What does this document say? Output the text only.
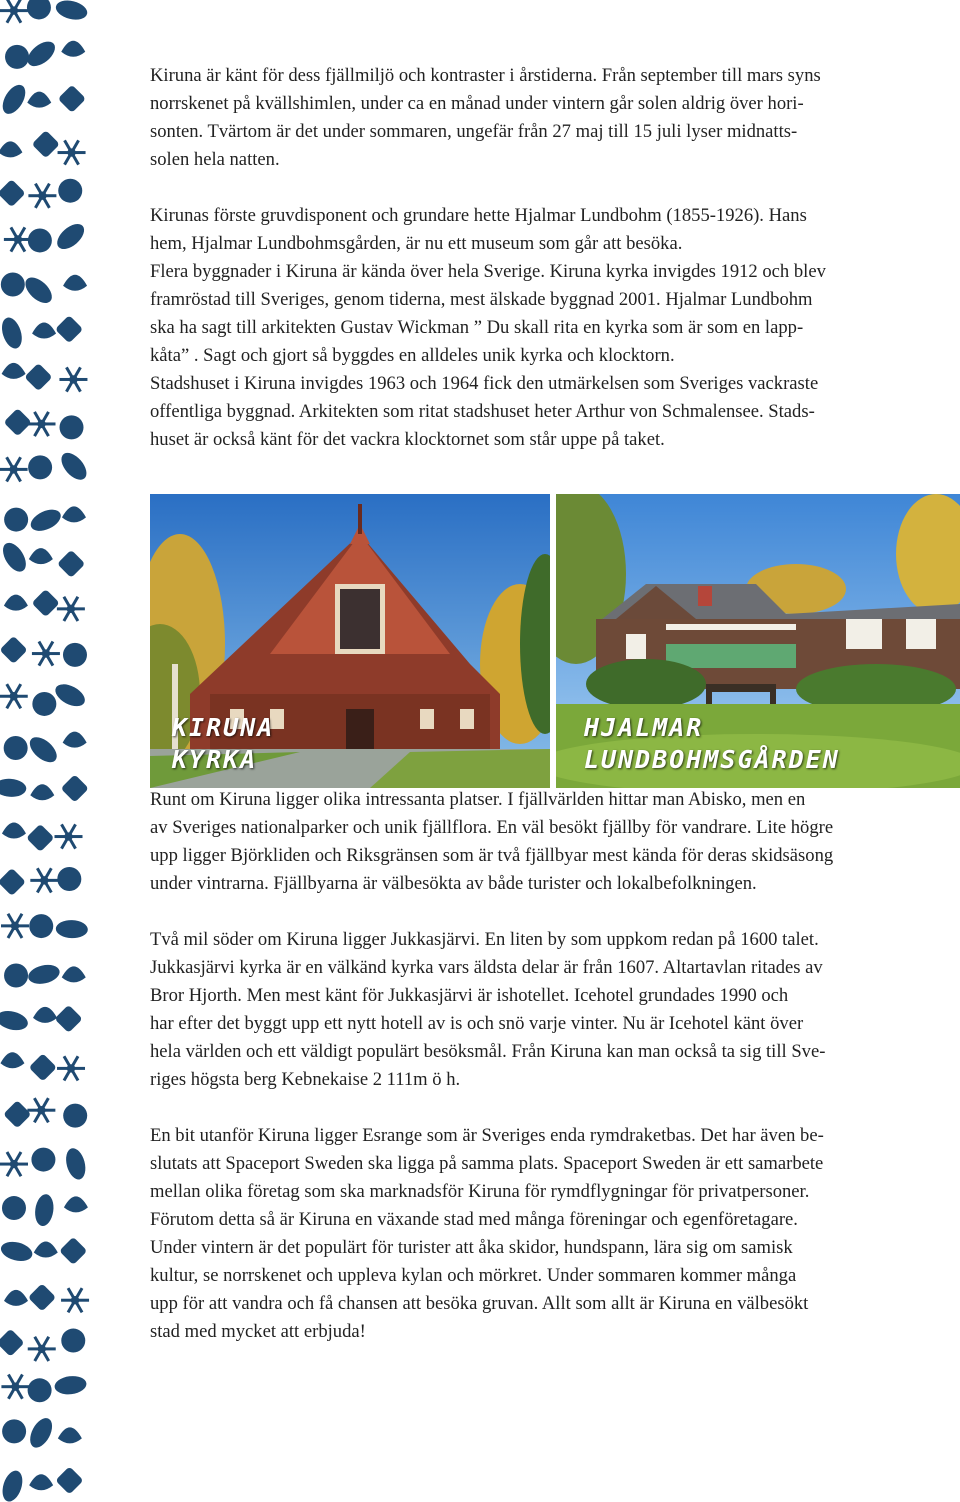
Kiruna är känt för dess fjällmiljö och kontraster i årstiderna. Från september till mars syns
norrskenet på kvällshimlen, under ca en månad under vintern går solen aldrig över hori-
sonten. Tvärtom är det under sommaren, ungefär från 27 maj till 15 juli lyser midnatts-
solen hela natten.
Kirunas förste gruvdisponent och grundare hette Hjalmar Lundbohm (1855-1926). Hans
hem, Hjalmar Lundbohmsgården, är nu ett museum som går att besöka.
Flera byggnader i Kiruna är kända över hela Sverige. Kiruna kyrka invigdes 1912 och blev
framröstad till Sveriges, genom tiderna, mest älskade byggnad 2001. Hjalmar Lundbohm
ska ha sagt till arkitekten Gustav Wickman ” Du skall rita en kyrka som är som en lapp-
kåta” . Sagt och gjort så byggdes en alldeles unik kyrka och klocktorn.
Stadshuset i Kiruna invigdes 1963 och 1964 fick den utmärkelsen som Sveriges vackraste
offentliga byggnad. Arkitekten som ritat stadshuset heter Arthur von Schmalensee. Stads-
huset är också känt för det vackra klocktornet som står uppe på taket.
KIRUNA
KYRKA
HJALMAR
LUNDBOHMSGÅRDEN
Runt om Kiruna ligger olika intressanta platser. I fjällvärlden hittar man Abisko, men en
av Sveriges nationalparker och unik fjällflora. En väl besökt fjällby för vandrare. Lite högre
upp ligger Björkliden och Riksgränsen som är två fjällbyar mest kända för deras skidsäsong
under vintrarna. Fjällbyarna är välbesökta av både turister och lokalbefolkningen.
Två mil söder om Kiruna ligger Jukkasjärvi. En liten by som uppkom redan på 1600 talet.
Jukkasjärvi kyrka är en välkänd kyrka vars äldsta delar är från 1607. Altartavlan ritades av
Bror Hjorth. Men mest känt för Jukkasjärvi är ishotellet. Icehotel grundades 1990 och
har efter det byggt upp ett nytt hotell av is och snö varje vinter. Nu är Icehotel känt över
hela världen och ett väldigt populärt besöksmål. Från Kiruna kan man också ta sig till Sve-
riges högsta berg Kebnekaise 2 111m ö h.
En bit utanför Kiruna ligger Esrange som är Sveriges enda rymdraketbas. Det har även be-
slutats att Spaceport Sweden ska ligga på samma plats. Spaceport Sweden är ett samarbete
mellan olika företag som ska marknadsför Kiruna för rymdflygningar för privatpersoner.
Förutom detta så är Kiruna en växande stad med många föreningar och egenföretagare.
Under vintern är det populärt för turister att åka skidor, hundspann, lära sig om samisk
kultur, se norrskenet och uppleva kylan och mörkret. Under sommaren kommer många
upp för att vandra och få chansen att besöka gruvan. Allt som allt är Kiruna en välbesökt
stad med mycket att erbjuda!
